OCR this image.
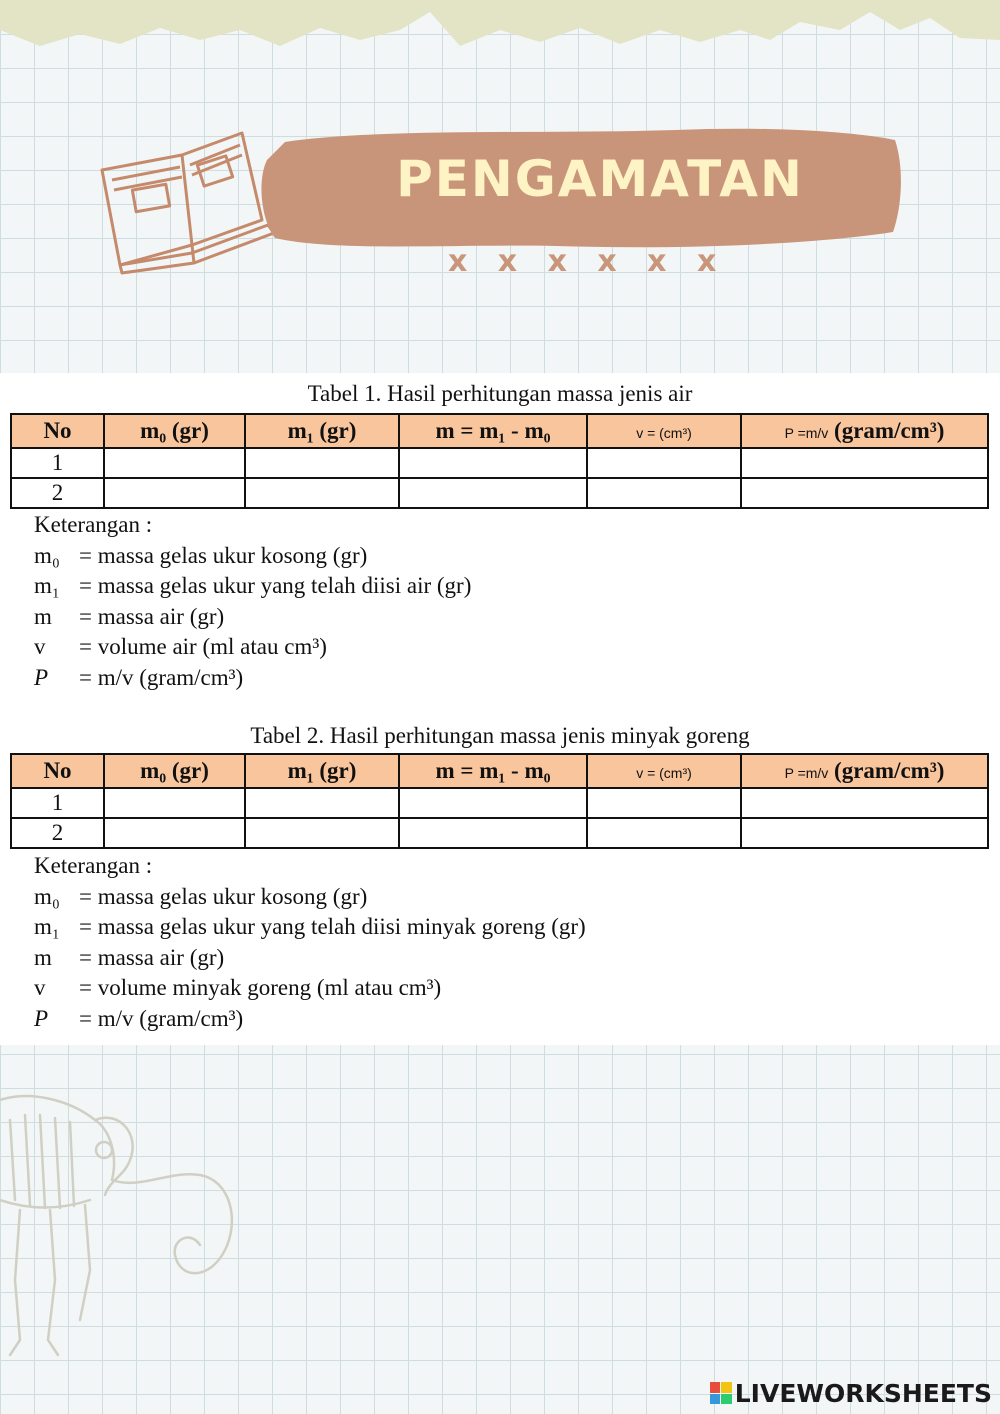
PENGAMATAN
x x x x x x

Tabel 1. Hasil perhitungan massa jenis air

No	m₀ (gr)	m₁ (gr)	m = m₁ - m₀	v = (cm³)	P =m/v (gram/cm³)
1					
2					
Keterangan :
m₀ = massa gelas ukur kosong (gr)
m₁ = massa gelas ukur yang telah diisi air (gr)
m = massa air (gr)
v = volume air (ml atau cm³)
P = m/v (gram/cm³)

Tabel 2. Hasil perhitungan massa jenis minyak goreng

No	m₀ (gr)	m₁ (gr)	m = m₁ - m₀	v = (cm³)	P =m/v (gram/cm³)
1					
2					
Keterangan :
m₀ = massa gelas ukur kosong (gr)
m₁ = massa gelas ukur yang telah diisi minyak goreng (gr)
m = massa air (gr)
v = volume minyak goreng (ml atau cm³)
P = m/v (gram/cm³)
LIVEWORKSHEETS
